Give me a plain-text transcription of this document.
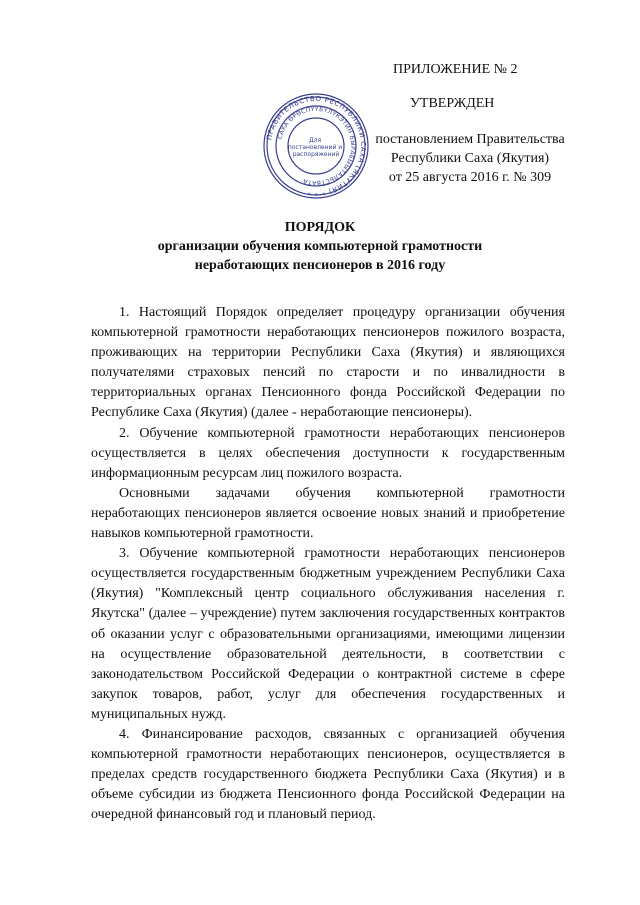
ПРИЛОЖЕНИЕ № 2
УТВЕРЖДЕН
постановлением Правительства
Республики Саха (Якутия)
от 25 августа 2016 г. № 309
ПРАВИТЕЛЬСТВО РЕСПУБЛИКИ САХА (ЯКУТИЯ) * * *
САХА ӨРӨСПҮҮБҮЛҮКЭТИН БЫРАБЫЫТАЛЬСТВАТА
Для постановлений и распоряжений
ПОРЯДОК
организации обучения компьютерной грамотности
неработающих пенсионеров в 2016 году

1. Настоящий Порядок определяет процедуру организации обучения компьютерной грамотности неработающих пенсионеров пожилого возраста, проживающих на территории Республики Саха (Якутия) и являющихся получателями страховых пенсий по старости и по инвалидности в территориальных органах Пенсионного фонда Российской Федерации по Республике Саха (Якутия) (далее - неработающие пенсионеры).

2. Обучение компьютерной грамотности неработающих пенсионеров осуществляется в целях обеспечения доступности к государственным информационным ресурсам лиц пожилого возраста.

Основными задачами обучения компьютерной грамотности неработающих пенсионеров является освоение новых знаний и приобретение навыков компьютерной грамотности.

3. Обучение компьютерной грамотности неработающих пенсионеров осуществляется государственным бюджетным учреждением Республики Саха (Якутия) "Комплексный центр социального обслуживания населения г. Якутска" (далее – учреждение) путем заключения государственных контрактов об оказании услуг с образовательными организациями, имеющими лицензии на осуществление образовательной деятельности, в соответствии с законодательством Российской Федерации о контрактной системе в сфере закупок товаров, работ, услуг для обеспечения государственных и муниципальных нужд.

4. Финансирование расходов, связанных с организацией обучения компьютерной грамотности неработающих пенсионеров, осуществляется в пределах средств государственного бюджета Республики Саха (Якутия) и в объеме субсидии из бюджета Пенсионного фонда Российской Федерации на очередной финансовый год и плановый период.
